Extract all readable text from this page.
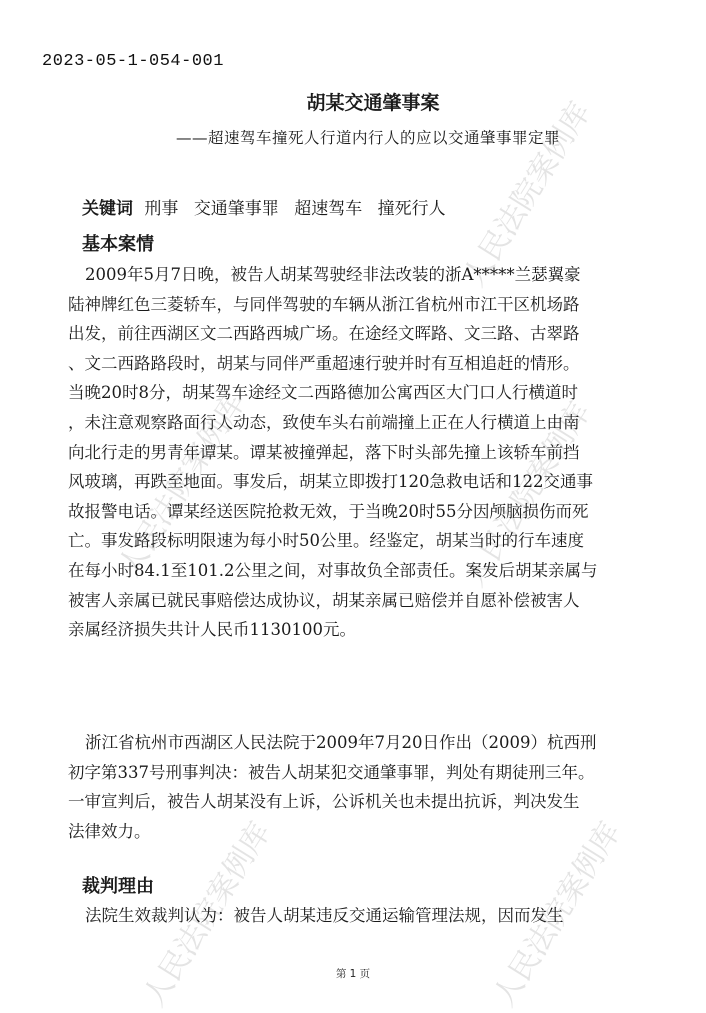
人民法院案例库
人民法院案例库	人民法院案例库
人民法院案例库	人民法院案例库
2023-05-1-054-001
胡某交通肇事案
——超速驾车撞死人行道内行人的应以交通肇事罪定罪
关键词 刑事 交通肇事罪 超速驾车 撞死行人
基本案情
2009年5月7日晚，被告人胡某驾驶经非法改装的浙A*****兰瑟翼豪
陆神牌红色三菱轿车，与同伴驾驶的车辆从浙江省杭州市江干区机场路
出发，前往西湖区文二西路西城广场。在途经文晖路、文三路、古翠路
、文二西路路段时，胡某与同伴严重超速行驶并时有互相追赶的情形。
当晚20时8分，胡某驾车途经文二西路德加公寓西区大门口人行横道时
，未注意观察路面行人动态，致使车头右前端撞上正在人行横道上由南
向北行走的男青年谭某。谭某被撞弹起，落下时头部先撞上该轿车前挡
风玻璃，再跌至地面。事发后，胡某立即拨打120急救电话和122交通事
故报警电话。谭某经送医院抢救无效，于当晚20时55分因颅脑损伤而死
亡。事发路段标明限速为每小时50公里。经鉴定，胡某当时的行车速度
在每小时84.1至101.2公里之间，对事故负全部责任。案发后胡某亲属与
被害人亲属已就民事赔偿达成协议，胡某亲属已赔偿并自愿补偿被害人
亲属经济损失共计人民币1130100元。
浙江省杭州市西湖区人民法院于2009年7月20日作出（2009）杭西刑
初字第337号刑事判决：被告人胡某犯交通肇事罪，判处有期徒刑三年。
一审宣判后，被告人胡某没有上诉，公诉机关也未提出抗诉，判决发生
法律效力。
裁判理由
法院生效裁判认为：被告人胡某违反交通运输管理法规，因而发生
第 1 页
